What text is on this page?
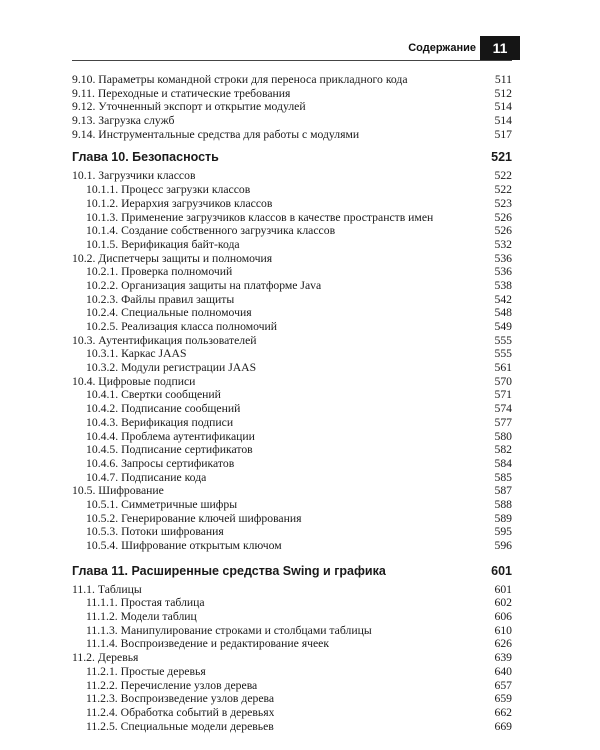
Содержание	11
9.10. Параметры командной строки для переноса прикладного кода	511
9.11. Переходные и статические требования	512
9.12. Уточненный экспорт и открытие модулей	514
9.13. Загрузка служб	514
9.14. Инструментальные средства для работы с модулями	517
Глава 10. Безопасность	521
10.1. Загрузчики классов	522
10.1.1. Процесс загрузки классов	522
10.1.2. Иерархия загрузчиков классов	523
10.1.3. Применение загрузчиков классов в качестве пространств имен	526
10.1.4. Создание собственного загрузчика классов	526
10.1.5. Верификация байт-кода	532
10.2. Диспетчеры защиты и полномочия	536
10.2.1. Проверка полномочий	536
10.2.2. Организация защиты на платформе Java	538
10.2.3. Файлы правил защиты	542
10.2.4. Специальные полномочия	548
10.2.5. Реализация класса полномочий	549
10.3. Аутентификация пользователей	555
10.3.1. Каркас JAAS	555
10.3.2. Модули регистрации JAAS	561
10.4. Цифровые подписи	570
10.4.1. Свертки сообщений	571
10.4.2. Подписание сообщений	574
10.4.3. Верификация подписи	577
10.4.4. Проблема аутентификации	580
10.4.5. Подписание сертификатов	582
10.4.6. Запросы сертификатов	584
10.4.7. Подписание кода	585
10.5. Шифрование	587
10.5.1. Симметричные шифры	588
10.5.2. Генерирование ключей шифрования	589
10.5.3. Потоки шифрования	595
10.5.4. Шифрование открытым ключом	596
Глава 11. Расширенные средства Swing и графика	601
11.1. Таблицы	601
11.1.1. Простая таблица	602
11.1.2. Модели таблиц	606
11.1.3. Манипулирование строками и столбцами таблицы	610
11.1.4. Воспроизведение и редактирование ячеек	626
11.2. Деревья	639
11.2.1. Простые деревья	640
11.2.2. Перечисление узлов дерева	657
11.2.3. Воспроизведение узлов дерева	659
11.2.4. Обработка событий в деревьях	662
11.2.5. Специальные модели деревьев	669
